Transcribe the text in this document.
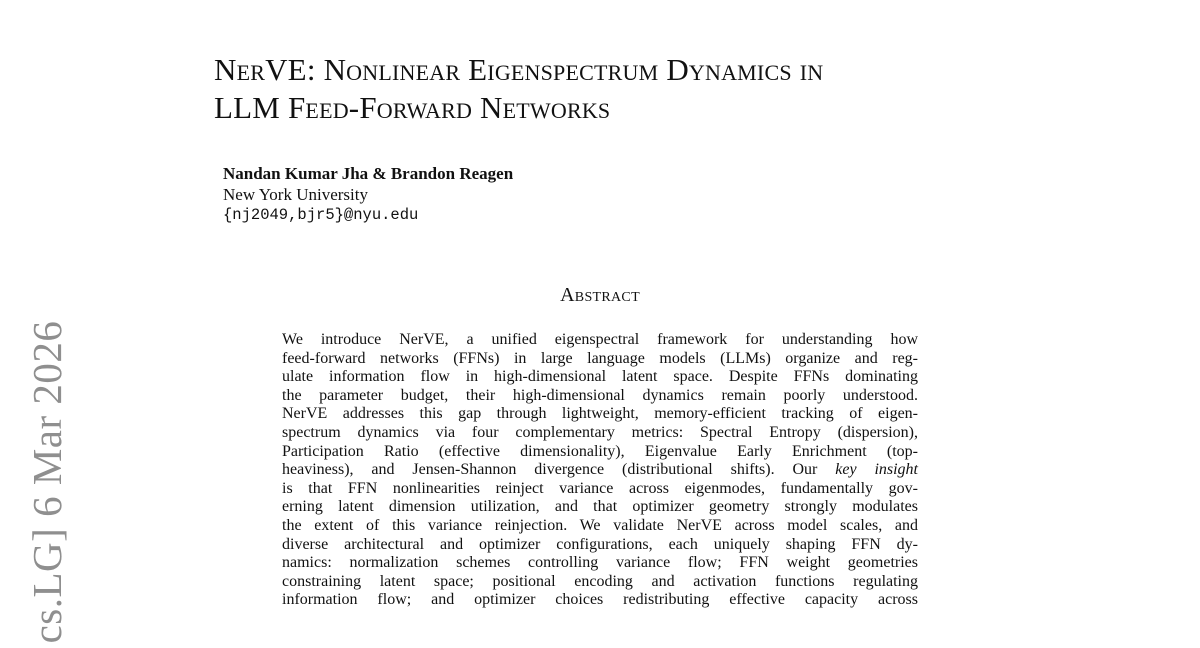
NerVE: Nonlinear Eigenspectrum Dynamics in
LLM Feed-Forward Networks
Nandan Kumar Jha & Brandon Reagen
New York University
{nj2049,bjr5}@nyu.edu
Abstract
We introduce NerVE, a unified eigenspectral framework for understanding how
feed-forward networks (FFNs) in large language models (LLMs) organize and reg-
ulate information flow in high-dimensional latent space. Despite FFNs dominating
the parameter budget, their high-dimensional dynamics remain poorly understood.
NerVE addresses this gap through lightweight, memory-efficient tracking of eigen-
spectrum dynamics via four complementary metrics: Spectral Entropy (dispersion),
Participation Ratio (effective dimensionality), Eigenvalue Early Enrichment (top-
heaviness), and Jensen-Shannon divergence (distributional shifts). Our key insight
is that FFN nonlinearities reinject variance across eigenmodes, fundamentally gov-
erning latent dimension utilization, and that optimizer geometry strongly modulates
the extent of this variance reinjection. We validate NerVE across model scales, and
diverse architectural and optimizer configurations, each uniquely shaping FFN dy-
namics: normalization schemes controlling variance flow; FFN weight geometries
constraining latent space; positional encoding and activation functions regulating
information flow; and optimizer choices redistributing effective capacity across
cs.LG] 6 Mar 2026
